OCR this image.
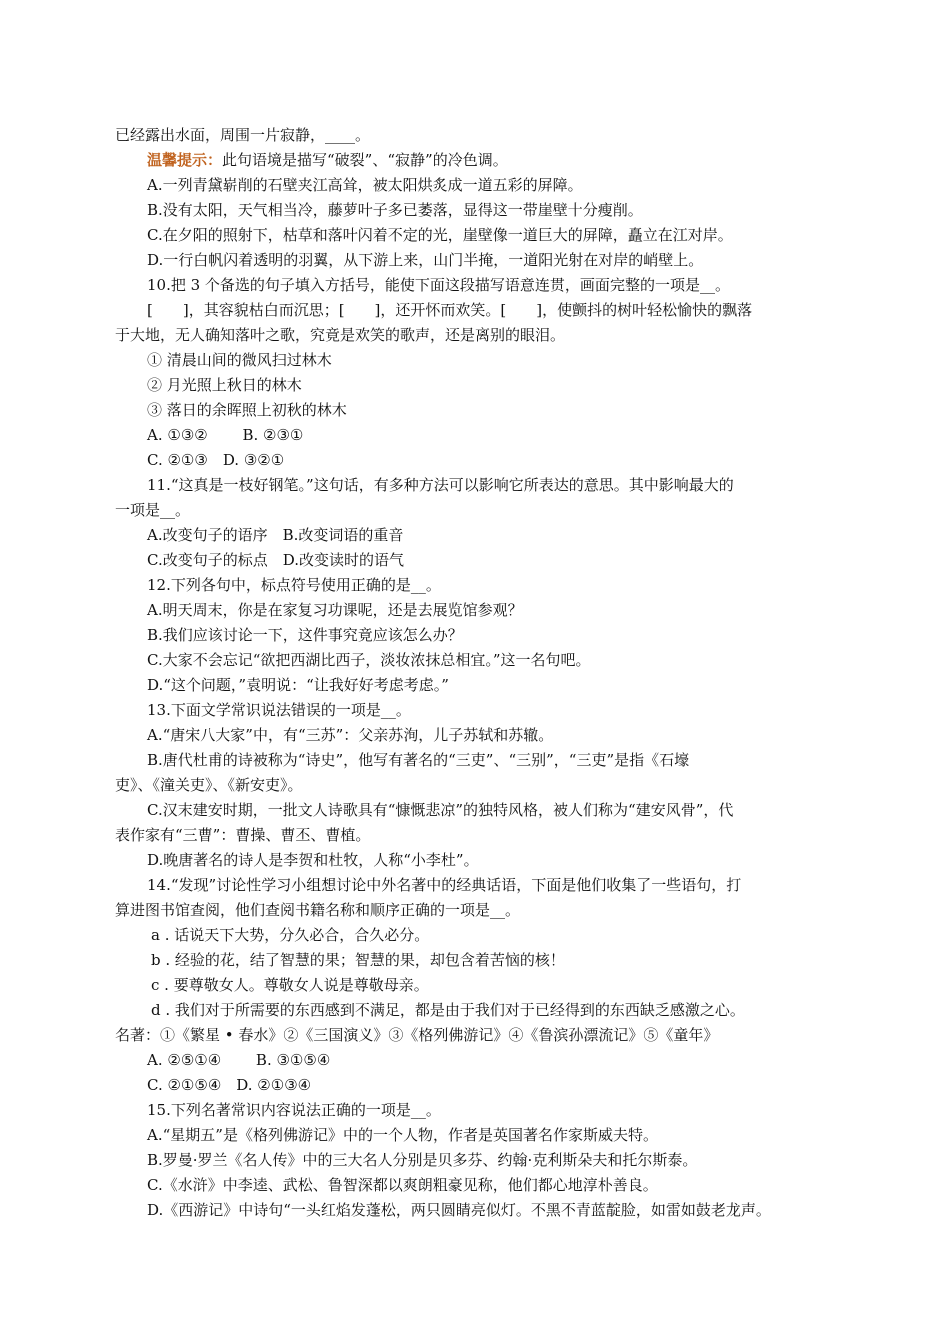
已经露出水面，周围一片寂静，____。
温馨提示：此句语境是描写“破裂”、“寂静”的冷色调。
A.一列青黛崭削的石壁夹江高耸，被太阳烘炙成一道五彩的屏障。
B.没有太阳，天气相当冷，藤萝叶子多已萎落，显得这一带崖壁十分瘦削。
C.在夕阳的照射下，枯草和落叶闪着不定的光，崖壁像一道巨大的屏障，矗立在江对岸。
D.一行白帆闪着透明的羽翼，从下游上来，山门半掩，一道阳光射在对岸的峭壁上。
10.把 3 个备选的句子填入方括号，能使下面这段描写语意连贯，画面完整的一项是__。
[　　]，其容貌枯白而沉思；[　　]，还开怀而欢笑。[　　]，使颤抖的树叶轻松愉快的飘落
于大地，无人确知落叶之歌，究竟是欢笑的歌声，还是离别的眼泪。
① 清晨山间的微风扫过林木
② 月光照上秋日的林木
③ 落日的余晖照上初秋的林木
A. ①③②　　 B. ②③①
C. ②①③　D. ③②①
11.“这真是一枝好钢笔。”这句话，有多种方法可以影响它所表达的意思。其中影响最大的
一项是__。
A.改变句子的语序　B.改变词语的重音
C.改变句子的标点　D.改变读时的语气
12.下列各句中，标点符号使用正确的是__。
A.明天周末，你是在家复习功课呢，还是去展览馆参观？
B.我们应该讨论一下，这件事究竟应该怎么办？
C.大家不会忘记“欲把西湖比西子，淡妆浓抹总相宜。”这一名句吧。
D.“这个问题，”袁明说：“让我好好考虑考虑。”
13.下面文学常识说法错误的一项是__。
A.“唐宋八大家”中，有“三苏”：父亲苏洵，儿子苏轼和苏辙。
B.唐代杜甫的诗被称为“诗史”，他写有著名的“三吏”、“三别”，“三吏”是指《石壕
吏》、《潼关吏》、《新安吏》。
C.汉末建安时期，一批文人诗歌具有“慷慨悲凉”的独特风格，被人们称为“建安风骨”，代
表作家有“三曹”：曹操、曹丕、曹植。
D.晚唐著名的诗人是李贺和杜牧，人称“小李杜”。
14.“发现”讨论性学习小组想讨论中外名著中的经典话语，下面是他们收集了一些语句，打
算进图书馆查阅，他们查阅书籍名称和顺序正确的一项是__。
a . 话说天下大势，分久必合，合久必分。
b . 经验的花，结了智慧的果；智慧的果，却包含着苦恼的核！
c . 要尊敬女人。尊敬女人说是尊敬母亲。
d . 我们对于所需要的东西感到不满足，都是由于我们对于已经得到的东西缺乏感激之心。
名著：①《繁星 • 春水》②《三国演义》③《格列佛游记》④《鲁滨孙漂流记》⑤《童年》
A. ②⑤①④　　 B. ③①⑤④
C. ②①⑤④　D. ②①③④
15.下列名著常识内容说法正确的一项是__。
A.“星期五”是《格列佛游记》中的一个人物，作者是英国著名作家斯威夫特。
B.罗曼·罗兰《名人传》中的三大名人分别是贝多芬、约翰·克利斯朵夫和托尔斯泰。
C.《水浒》中李逵、武松、鲁智深都以爽朗粗豪见称，他们都心地淳朴善良。
D.《西游记》中诗句“一头红焰发蓬松，两只圆睛亮似灯。不黑不青蓝靛脸，如雷如鼓老龙声。
